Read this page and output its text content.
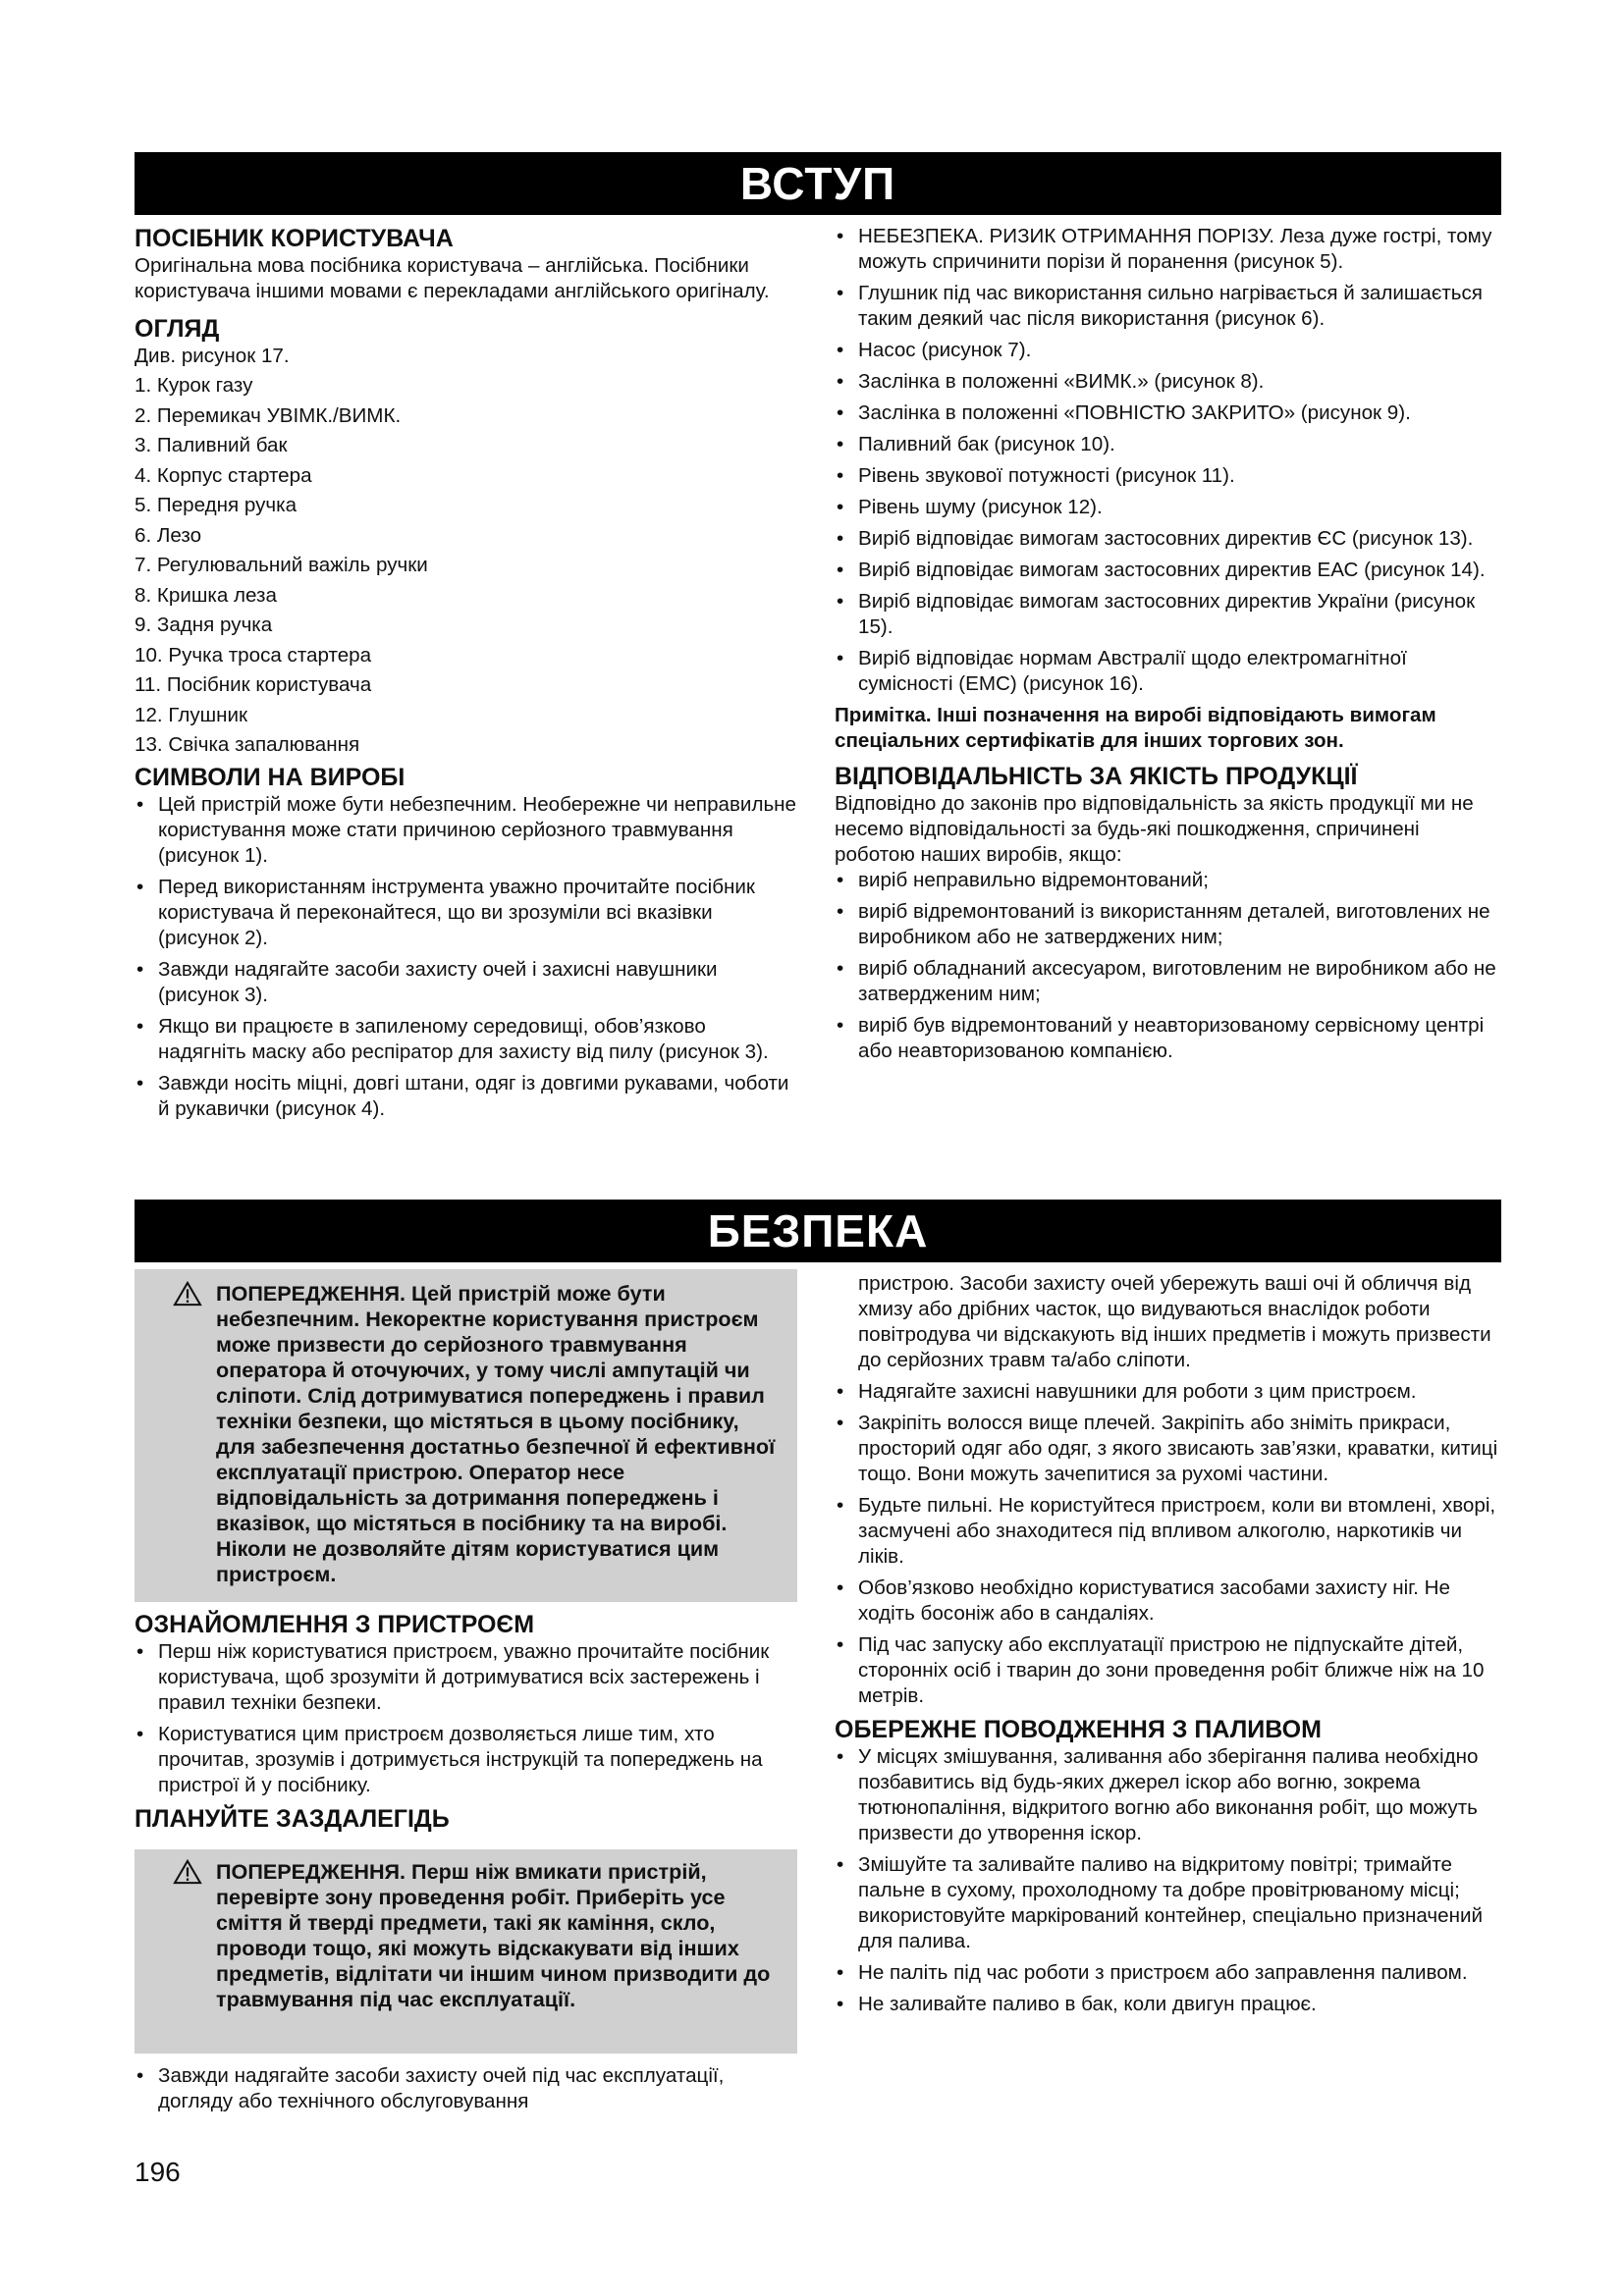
ВСТУП
ПОСІБНИК КОРИСТУВАЧА

Оригінальна мова посібника користувача – англійська. Посібники користувача іншими мовами є перекладами англійського оригіналу.

ОГЛЯД

Див. рисунок 17.

1. Курок газу
2. Перемикач УВІМК./ВИМК.
3. Паливний бак
4. Корпус стартера
5. Передня ручка
6. Лезо
7. Регулювальний важіль ручки
8. Кришка леза
9. Задня ручка
10. Ручка троса стартера
11. Посібник користувача
12. Глушник
13. Свічка запалювання
СИМВОЛИ НА ВИРОБІ
• Цей пристрій може бути небезпечним. Необережне чи неправильне користування може стати причиною серйозного травмування (рисунок 1).
• Перед використанням інструмента уважно прочитайте посібник користувача й переконайтеся, що ви зрозуміли всі вказівки (рисунок 2).
• Завжди надягайте засоби захисту очей і захисні навушники (рисунок 3).
• Якщо ви працюєте в запиленому середовищі, обов’язково надягніть маску або респіратор для захисту від пилу (рисунок 3).
• Завжди носіть міцні, довгі штани, одяг із довгими рукавами, чоботи й рукавички (рисунок 4).
• НЕБЕЗПЕКА. РИЗИК ОТРИМАННЯ ПОРІЗУ. Леза дуже гострі, тому можуть спричинити порізи й поранення (рисунок 5).
• Глушник під час використання сильно нагрівається й залишається таким деякий час після використання (рисунок 6).
• Насос (рисунок 7).
• Заслінка в положенні «ВИМК.» (рисунок 8).
• Заслінка в положенні «ПОВНІСТЮ ЗАКРИТО» (рисунок 9).
• Паливний бак (рисунок 10).
• Рівень звукової потужності (рисунок 11).
• Рівень шуму (рисунок 12).
• Виріб відповідає вимогам застосовних директив ЄС (рисунок 13).
• Виріб відповідає вимогам застосовних директив ЕАС (рисунок 14).
• Виріб відповідає вимогам застосовних директив України (рисунок 15).
• Виріб відповідає нормам Австралії щодо електромагнітної сумісності (EMC) (рисунок 16).

Примітка. Інші позначення на виробі відповідають вимогам спеціальних сертифікатів для інших торгових зон.

ВІДПОВІДАЛЬНІСТЬ ЗА ЯКІСТЬ ПРОДУКЦІЇ

Відповідно до законів про відповідальність за якість продукції ми не несемо відповідальності за будь-які пошкодження, спричинені роботою наших виробів, якщо:

• виріб неправильно відремонтований;
• виріб відремонтований із використанням деталей, виготовлених не виробником або не затверджених ним;
• виріб обладнаний аксесуаром, виготовленим не виробником або не затвердженим ним;
• виріб був відремонтований у неавторизованому сервісному центрі або неавторизованою компанією.
БЕЗПЕКА
ПОПЕРЕДЖЕННЯ. Цей пристрій може бути небезпечним. Некоректне користування пристроєм може призвести до серйозного травмування оператора й оточуючих, у тому числі ампутацій чи сліпоти. Слід дотримуватися попереджень і правил техніки безпеки, що містяться в цьому посібнику, для забезпечення достатньо безпечної й ефективної експлуатації пристрою. Оператор несе відповідальність за дотримання попереджень і вказівок, що містяться в посібнику та на виробі. Ніколи не дозволяйте дітям користуватися цим пристроєм.
ОЗНАЙОМЛЕННЯ З ПРИСТРОЄМ
• Перш ніж користуватися пристроєм, уважно прочитайте посібник користувача, щоб зрозуміти й дотримуватися всіх застережень і правил техніки безпеки.
• Користуватися цим пристроєм дозволяється лише тим, хто прочитав, зрозумів і дотримується інструкцій та попереджень на пристрої й у посібнику.
ПЛАНУЙТЕ ЗАЗДАЛЕГІДЬ
ПОПЕРЕДЖЕННЯ. Перш ніж вмикати пристрій, перевірте зону проведення робіт. Приберіть усе сміття й тверді предмети, такі як каміння, скло, проводи тощо, які можуть відскакувати від інших предметів, відлітати чи іншим чином призводити до травмування під час експлуатації.
• Завжди надягайте засоби захисту очей під час експлуатації, догляду або технічного обслуговування

пристрою. Засоби захисту очей убережуть ваші очі й обличчя від хмизу або дрібних часток, що видуваються внаслідок роботи повітродува чи відскакують від інших предметів і можуть призвести до серйозних травм та/або сліпоти.

• Надягайте захисні навушники для роботи з цим пристроєм.
• Закріпіть волосся вище плечей. Закріпіть або зніміть прикраси, просторий одяг або одяг, з якого звисають зав’язки, краватки, китиці тощо. Вони можуть зачепитися за рухомі частини.
• Будьте пильні. Не користуйтеся пристроєм, коли ви втомлені, хворі, засмучені або знаходитеся під впливом алкоголю, наркотиків чи ліків.
• Обов’язково необхідно користуватися засобами захисту ніг. Не ходіть босоніж або в сандаліях.
• Під час запуску або експлуатації пристрою не підпускайте дітей, сторонніх осіб і тварин до зони проведення робіт ближче ніж на 10 метрів.
ОБЕРЕЖНЕ ПОВОДЖЕННЯ З ПАЛИВОМ
• У місцях змішування, заливання або зберігання палива необхідно позбавитись від будь-яких джерел іскор або вогню, зокрема тютюнопаління, відкритого вогню або виконання робіт, що можуть призвести до утворення іскор.
• Змішуйте та заливайте паливо на відкритому повітрі; тримайте пальне в сухому, прохолодному та добре провітрюваному місці; використовуйте маркірований контейнер, спеціально призначений для палива.
• Не паліть під час роботи з пристроєм або заправлення паливом.
• Не заливайте паливо в бак, коли двигун працює.
196
